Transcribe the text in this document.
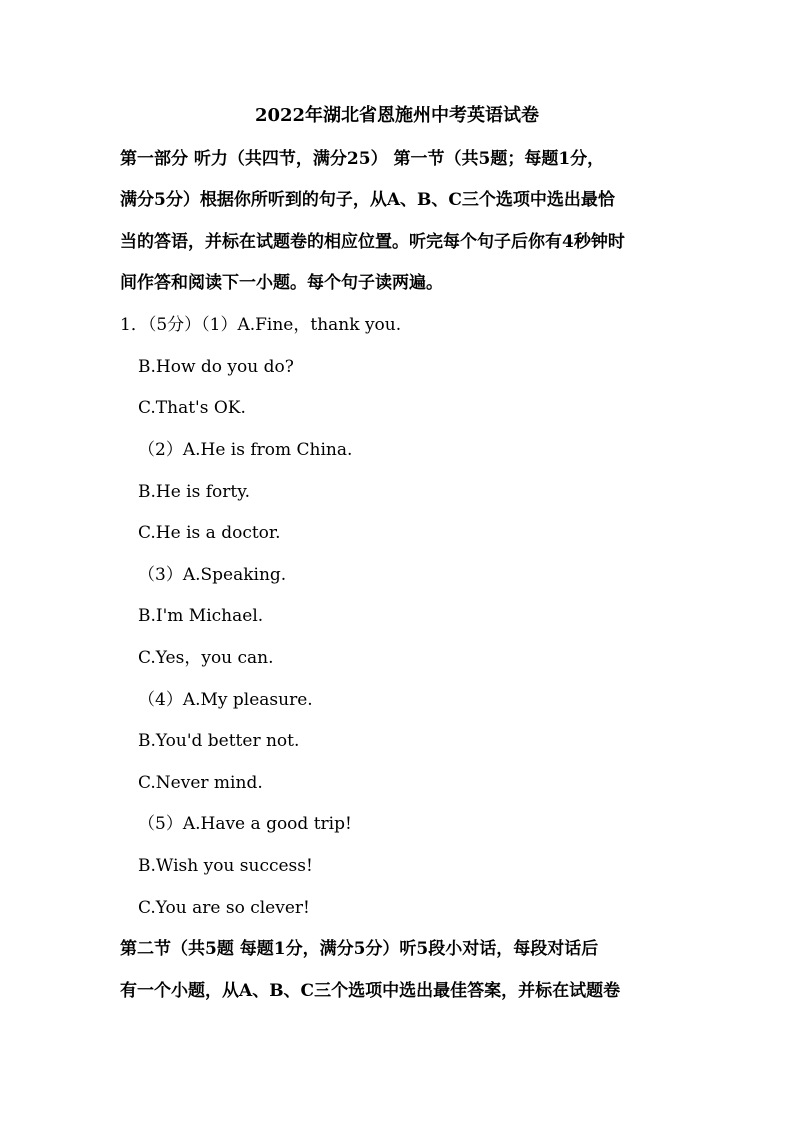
2022年湖北省恩施州中考英语试卷
第一部分 听力（共四节，满分25） 第一节（共5题；每题1分，
满分5分）根据你所听到的句子，从A、B、C三个选项中选出最恰
当的答语，并标在试题卷的相应位置。听完每个句子后你有4秒钟时
间作答和阅读下一小题。每个句子读两遍。
1．（5分）（1）A.Fine，thank you.
B.How do you do?
C.That's OK.
（2）A.He is from China.
B.He is forty.
C.He is a doctor.
（3）A.Speaking.
B.I'm Michael.
C.Yes，you can.
（4）A.My pleasure.
B.You'd better not.
C.Never mind.
（5）A.Have a good trip!
B.Wish you success!
C.You are so clever!
第二节（共5题 每题1分，满分5分）听5段小对话，每段对话后
有一个小题，从A、B、C三个选项中选出最佳答案，并标在试题卷
